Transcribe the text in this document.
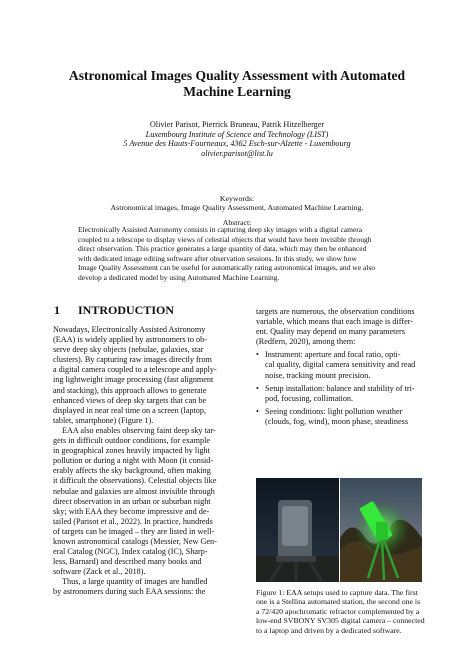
Astronomical Images Quality Assessment with Automated
Machine Learning
Olivier Parisot, Pierrick Bruneau, Patrik Hitzelberger
Luxembourg Institute of Science and Technology (LIST)
5 Avenue des Hauts-Fourneaux, 4362 Esch-sur-Alzette - Luxembourg
olivier.parisot@list.lu
Keywords:
Astronomical images, Image Quality Assessment, Automated Machine Learning.
Abstract:
Electronically Assisted Astronomy consists in capturing deep sky images with a digital camera
coupled to a telescope to display views of celestial objects that would have been invisible through
direct observation. This practice generates a large quantity of data, which may then be enhanced
with dedicated image editing software after observation sessions. In this study, we show how
Image Quality Assessment can be useful for automatically rating astronomical images, and we also
develop a dedicated model by using Automated Machine Learning.
1 INTRODUCTION
Nowadays, Electronically Assisted Astronomy
(EAA) is widely applied by astronomers to ob-
serve deep sky objects (nebulae, galaxies, star
clusters). By capturing raw images directly from
a digital camera coupled to a telescope and apply-
ing lightweight image processing (fast alignment
and stacking), this approach allows to generate
enhanced views of deep sky targets that can be
displayed in near real time on a screen (laptop,
tablet, smartphone) (Figure 1).
EAA also enables observing faint deep sky tar-
gets in difficult outdoor conditions, for example
in geographical zones heavily impacted by light
pollution or during a night with Moon (it consid-
erably affects the sky background, often making
it difficult the observations). Celestial objects like
nebulae and galaxies are almost invisible through
direct observation in an urban or suburban night
sky; with EAA they become impressive and de-
tailed (Parisot et al., 2022). In practice, hundreds
of targets can be imaged – they are listed in well-
known astronomical catalogs (Messier, New Gen-
eral Catalog (NGC), Index catalog (IC), Sharp-
less, Barnard) and described many books and
software (Zack et al., 2018).
Thus, a large quantity of images are handled
by astronomers during such EAA sessions: the
targets are numerous, the observation conditions
variable, which means that each image is differ-
ent. Quality may depend on many parameters
(Redfern, 2020), among them:
• Instrument: aperture and focal ratio, opti-
cal quality, digital camera sensitivity and read
noise, tracking mount precision.
• Setup installation: balance and stability of tri-
pod, focusing, collimation.
• Seeing conditions: light pollution weather
(clouds, fog, wind), moon phase, steadiness
Figure 1: EAA setups used to capture data. The first
one is a Stellina automated station, the second one is
a 72/420 apochromatic refractor complemented by a
low-end SVBONY SV305 digital camera – connected
to a laptop and driven by a dedicated software.
